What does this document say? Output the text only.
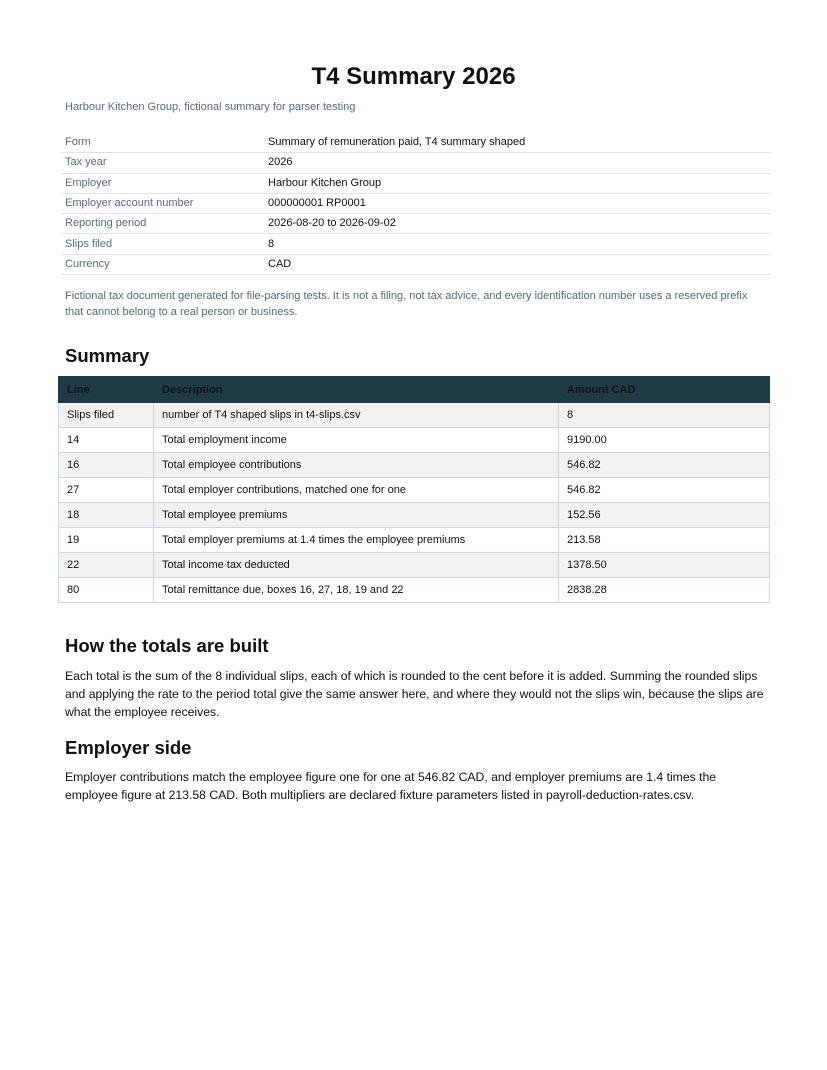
T4 Summary 2026
Harbour Kitchen Group, fictional summary for parser testing
Form	Summary of remuneration paid, T4 summary shaped
Tax year	2026
Employer	Harbour Kitchen Group
Employer account number	000000001 RP0001
Reporting period	2026-08-20 to 2026-09-02
Slips filed	8
Currency	CAD
Fictional tax document generated for file-parsing tests. It is not a filing, not tax advice, and every identification number uses a reserved prefix that cannot belong to a real person or business.
Summary
Line	Description	Amount CAD
Slips filed	number of T4 shaped slips in t4-slips.csv	8
14	Total employment income	9190.00
16	Total employee contributions	546.82
27	Total employer contributions, matched one for one	546.82
18	Total employee premiums	152.56
19	Total employer premiums at 1.4 times the employee premiums	213.58
22	Total income tax deducted	1378.50
80	Total remittance due, boxes 16, 27, 18, 19 and 22	2838.28
How the totals are built
Each total is the sum of the 8 individual slips, each of which is rounded to the cent before it is added. Summing the rounded slips and applying the rate to the period total give the same answer here, and where they would not the slips win, because the slips are what the employee receives.
Employer side
Employer contributions match the employee figure one for one at 546.82 CAD, and employer premiums are 1.4 times the employee figure at 213.58 CAD. Both multipliers are declared fixture parameters listed in payroll-deduction-rates.csv.
